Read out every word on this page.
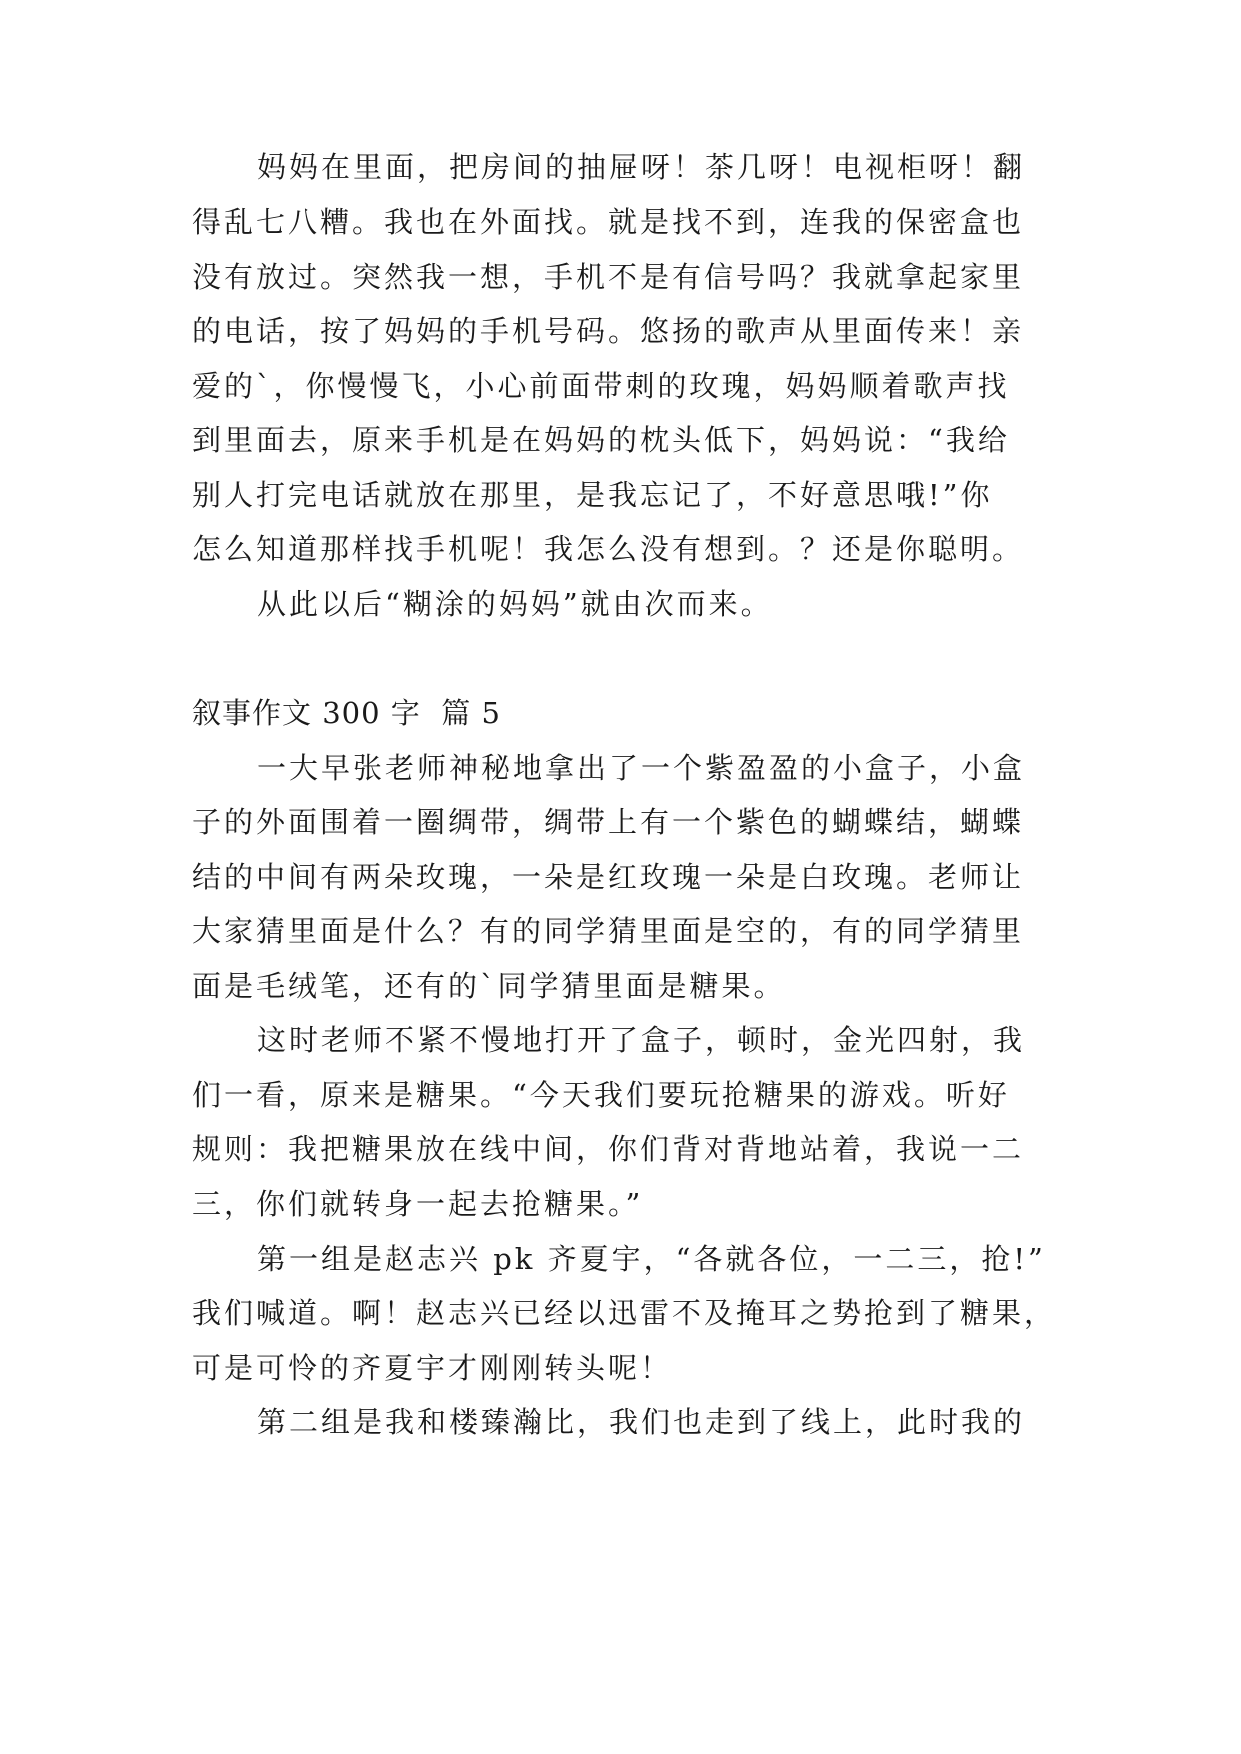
妈妈在里面，把房间的抽屉呀！茶几呀！电视柜呀！翻
得乱七八糟。我也在外面找。就是找不到，连我的保密盒也
没有放过。突然我一想，手机不是有信号吗？我就拿起家里
的电话，按了妈妈的手机号码。悠扬的歌声从里面传来！亲
爱的`，你慢慢飞，小心前面带刺的玫瑰，妈妈顺着歌声找
到里面去，原来手机是在妈妈的枕头低下，妈妈说：“我给
别人打完电话就放在那里，是我忘记了，不好意思哦!”你
怎么知道那样找手机呢！我怎么没有想到。？还是你聪明。
从此以后“糊涂的妈妈”就由次而来。
叙事作文 300 字  篇 5
一大早张老师神秘地拿出了一个紫盈盈的小盒子，小盒
子的外面围着一圈绸带，绸带上有一个紫色的蝴蝶结，蝴蝶
结的中间有两朵玫瑰，一朵是红玫瑰一朵是白玫瑰。老师让
大家猜里面是什么？有的同学猜里面是空的，有的同学猜里
面是毛绒笔，还有的`同学猜里面是糖果。
这时老师不紧不慢地打开了盒子，顿时，金光四射，我
们一看，原来是糖果。“今天我们要玩抢糖果的游戏。听好
规则：我把糖果放在线中间，你们背对背地站着，我说一二
三，你们就转身一起去抢糖果。”
第一组是赵志兴 pk 齐夏宇，“各就各位，一二三，抢!”
我们喊道。啊！赵志兴已经以迅雷不及掩耳之势抢到了糖果，
可是可怜的齐夏宇才刚刚转头呢！
第二组是我和楼臻瀚比，我们也走到了线上，此时我的
